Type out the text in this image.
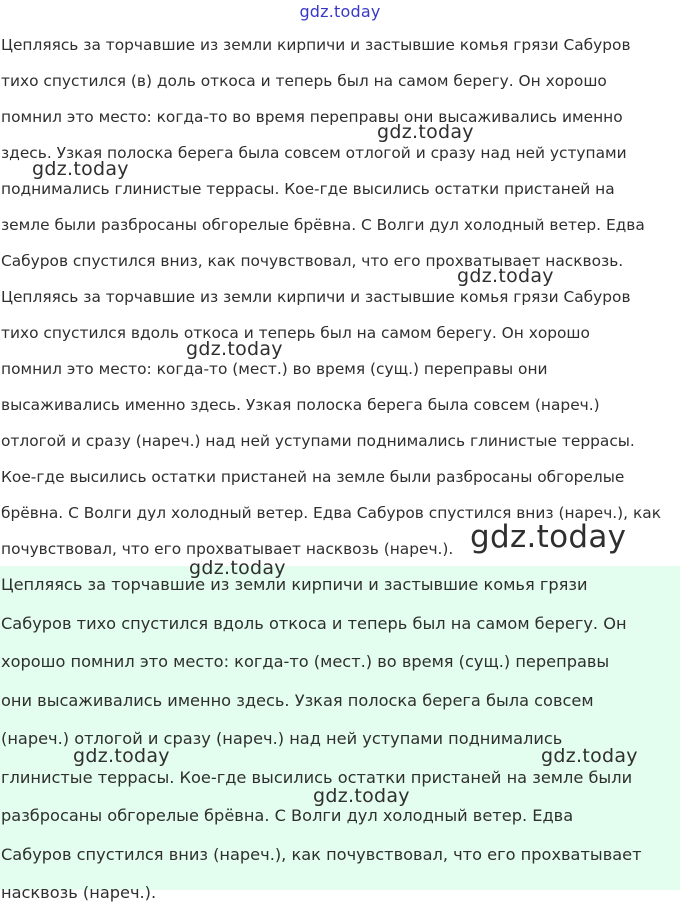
gdz.today
Цепляясь за торчавшие из земли кирпичи и застывшие комья грязи Сабуров
тихо спустился (в) доль откоса и теперь был на самом берегу. Он хорошо
помнил это место: когда-то во время переправы они высаживались именно
здесь. Узкая полоска берега была совсем отлогой и сразу над ней уступами
поднимались глинистые террасы. Кое-где высились остатки пристаней на
земле были разбросаны обгорелые брёвна. С Волги дул холодный ветер. Едва
Сабуров спустился вниз, как почувствовал, что его прохватывает насквозь.
Цепляясь за торчавшие из земли кирпичи и застывшие комья грязи Сабуров
тихо спустился вдоль откоса и теперь был на самом берегу. Он хорошо
помнил это место: когда-то (мест.) во время (сущ.) переправы они
высаживались именно здесь. Узкая полоска берега была совсем (нареч.)
отлогой и сразу (нареч.) над ней уступами поднимались глинистые террасы.
Кое-где высились остатки пристаней на земле были разбросаны обгорелые
брёвна. С Волги дул холодный ветер. Едва Сабуров спустился вниз (нареч.), как
почувствовал, что его прохватывает насквозь (нареч.).
Цепляясь за торчавшие из земли кирпичи и застывшие комья грязи
Сабуров тихо спустился вдоль откоса и теперь был на самом берегу. Он
хорошо помнил это место: когда-то (мест.) во время (сущ.) переправы
они высаживались именно здесь. Узкая полоска берега была совсем
(нареч.) отлогой и сразу (нареч.) над ней уступами поднимались
глинистые террасы. Кое-где высились остатки пристаней на земле были
разбросаны обгорелые брёвна. С Волги дул холодный ветер. Едва
Сабуров спустился вниз (нареч.), как почувствовал, что его прохватывает
насквозь (нареч.).
gdz.today
gdz.today
gdz.today
gdz.today
gdz.today
gdz.today
gdz.today	gdz.today
gdz.today
